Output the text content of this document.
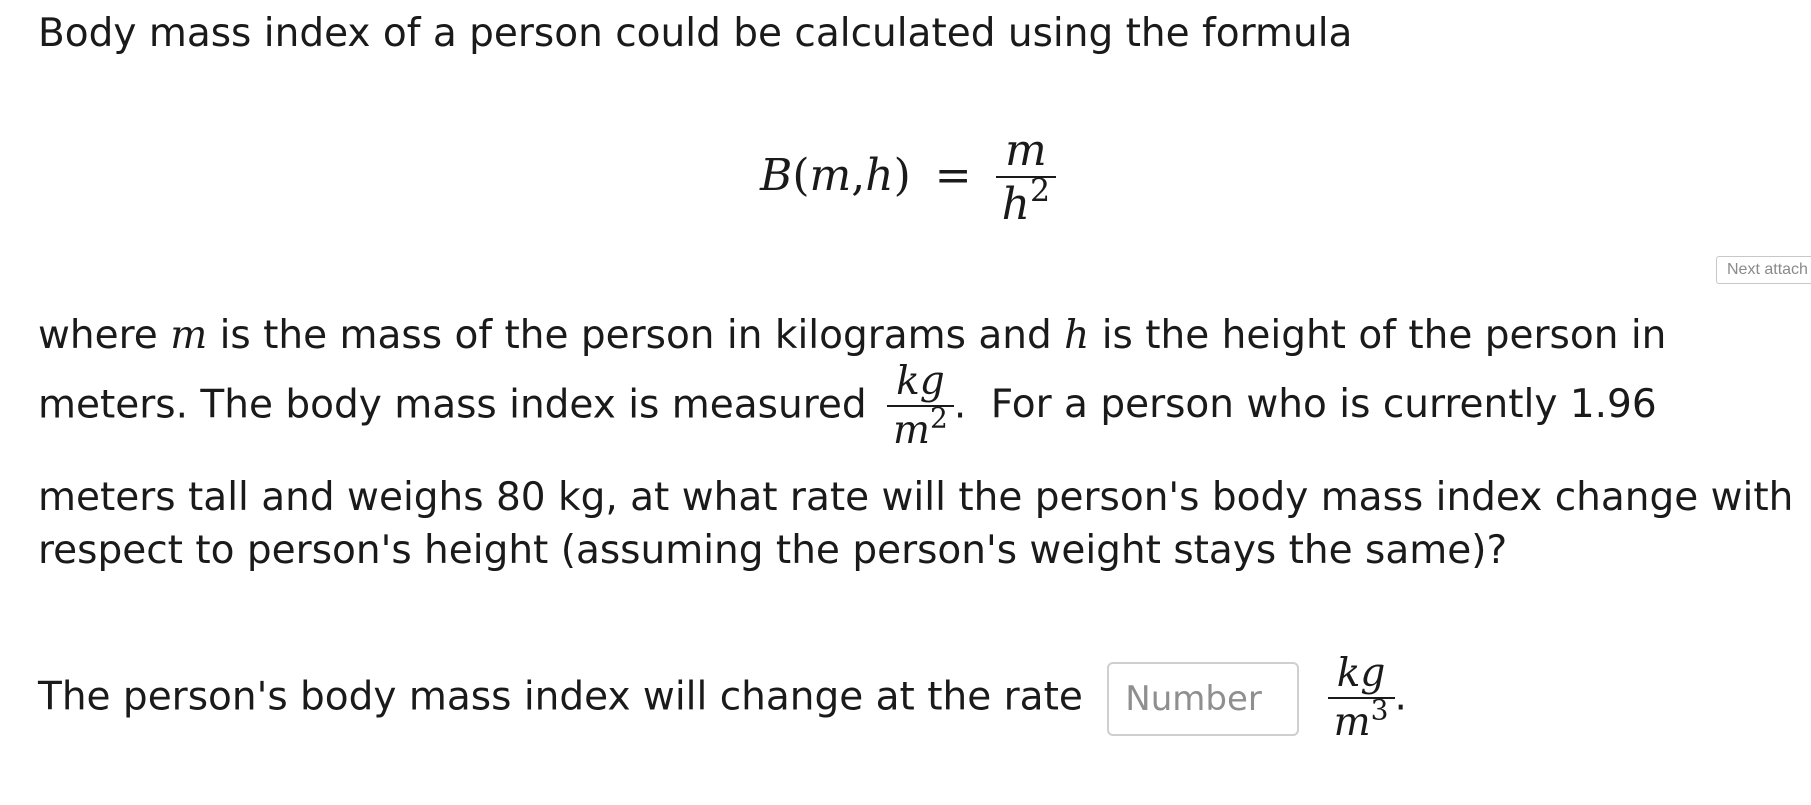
Body mass index of a person could be calculated using the formula
$B(m,h) = \frac{m}{h^2}$
Next attach
where m is the mass of the person in kilograms and h is the height of the person in
meters. The body mass index is measured $\frac{kg}{m^2}$ . For a person who is currently 1.96
meters tall and weighs 80 kg, at what rate will the person's body mass index change with
respect to person's height (assuming the person's weight stays the same)?
The person's body mass index will change at the rate Number	$\frac{kg}{m^3}$ .
